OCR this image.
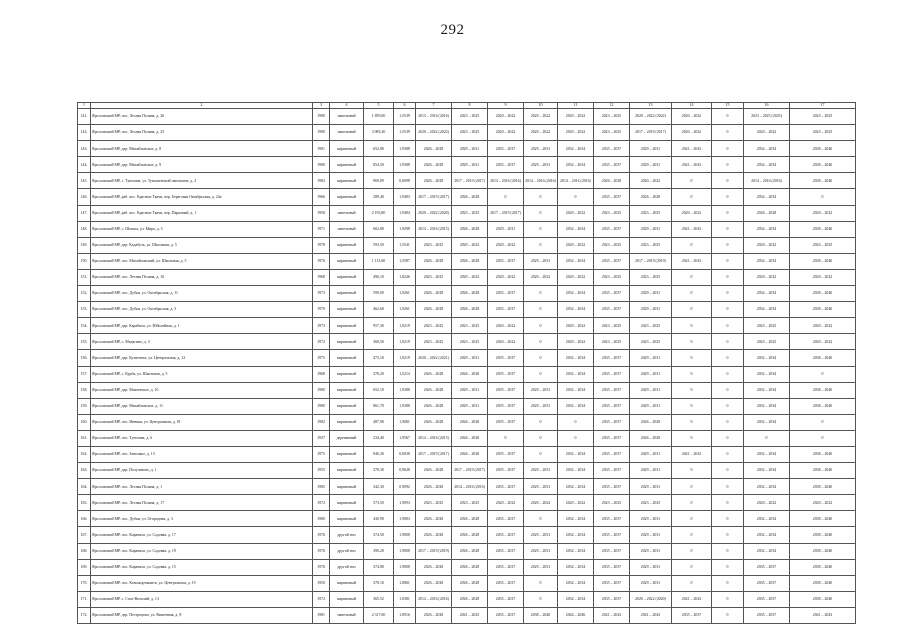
292
1	2	3	4	5	6	7	8	9	10	11	12	13	14	15	16	17
141.	Ярославский МР, пос. Лесная Поляна, д. 26	1980	панельный	1 859,00	1,5539	2013 – 2016 (2016)	2023 – 2025	2020 – 2022	2020 – 2022	2020 – 2022	2023 – 2025	2020 – 2022 (2022)	2020 – 2022	0	2023 – 2025 (2025)	2023 – 2025
142.	Ярославский МР, пос. Лесная Поляна, д. 25	1980	панельный	3 083,30	1,5539	2020 – 2022 (2022)	2023 – 2025	2020 – 2022	2020 – 2022	2020 – 2022	2023 – 2025	2017 – 2019 (2017)	2020 – 2022	0	2020 – 2022	2023 – 2025
143.	Ярославский МР, дер. Михайловское, д. 8	1981	кирпичный	652,80	1,9388	2026 – 2028	2029 – 2031	2035 – 2037	2029 – 2031	2032 – 2034	2035 – 2037	2029 – 2031	2041 – 2043	0	2032 – 2034	2038 – 2040
144.	Ярославский МР, дер. Михайловское, д. 9	1980	кирпичный	854,50	1,9388	2026 – 2028	2029 – 2031	2035 – 2037	2029 – 2031	2032 – 2034	2035 – 2037	2029 – 2031	2041 – 2043	0	2032 – 2034	2038 – 2040
145.	Ярославский МР, с. Туношна, ул. Туношенский пансионат, д. 2	1982	кирпичный	969,89	0,6098	2026 – 2028	2017 – 2019 (2017)	2014 – 2016 (2016)	2014 – 2016 (2016)	2014 – 2016 (2016)	2026 – 2028	2020 – 2022	0	0	2014 – 2016 (2016)	2038 – 2040
146.	Ярославский МР, раб. пос. Красные Ткачи, пер. Береговая Октябрьская, д. 24а	1966	кирпичный	289,40	1,9483	2017 – 2019 (2017)	2026 – 2028	0	0	0	2035 – 2037	2026 – 2028	0	0	2032 – 2034	0
147.	Ярославский МР, раб. пос. Красные Ткачи, пер. Парковый, д. 1	1958	панельный	2 193,80	1,9484	2020 – 2022 (2020)	2023 – 2025	2017 – 2019 (2017)	0	2020 – 2022	2023 – 2025	2023 – 2025	2020 – 2022	0	2026 – 2028	2020 – 2022
148.	Ярославский МР, с. Шопша, ул. Мира, д. 3	1971	панельный	602,80	1,9298	2014 – 2016 (2015)	2026 – 2028	2029 – 2031	0	2032 – 2034	2035 – 2037	2029 – 2031	2041 – 2043	0	2032 – 2034	2038 – 2040
149.	Ярославский МР, дер. Кадабуль, ул. Школьная, д. 5	1978	кирпичный	593,50	1,5541	2023 – 2025	2020 – 2022	2020 – 2022	0	2020 – 2022	2023 – 2025	2023 – 2025	0	0	2020 – 2022	2023 – 2025
150.	Ярославский МР, пос. Михайловский, ул. Школьная, д. 5	1976	кирпичный	1 113,60	1,5587	2026 – 2028	2026 – 2028	2035 – 2037	2029 – 2031	2032 – 2034	2035 – 2037	2017 – 2019 (2019)	2041 – 2043	0	2032 – 2034	2038 – 2040
151.	Ярославский МР, пос. Лесная Поляна, д. 16	1968	кирпичный	496,10	1,8246	2023 – 2025	2020 – 2022	2020 – 2022	2020 – 2022	2020 – 2022	2023 – 2025	2023 – 2025	0	0	2020 – 2022	2020 – 2022
152.	Ярославский МР, пос. Дубки, ул. Октябрьская, д. 11	1973	кирпичный	599,00	1,9261	2026 – 2028	2026 – 2028	2035 – 2037	0	2032 – 2034	2035 – 2037	2029 – 2031	0	0	2032 – 2034	2038 – 2040
153.	Ярославский МР, пос. Дубки, ул. Октябрьская, д. 3	1970	кирпичный	462,60	1,9261	2026 – 2028	2026 – 2028	2035 – 2037	0	2032 – 2034	2035 – 2037	2029 – 2031	0	0	2032 – 2034	2038 – 2040
154.	Ярославский МР, дер. Карабиха, ул. Юбилейная, д. 1	1973	кирпичный	957,30	1,9219	2023 – 2025	2023 – 2025	2020 – 2022	0	2020 – 2022	2023 – 2025	2023 – 2025	0	0	2023 – 2025	2020 – 2022
155.	Ярославский МР, с. Медягино, д. 3	1972	кирпичный	360,50	1,9219	2023 – 2025	2023 – 2025	2020 – 2022	0	2020 – 2022	2023 – 2025	2023 – 2025	0	0	2023 – 2025	2020 – 2022
156.	Ярославский МР, дер. Кузнечиха, ул. Центральная, д. 12	1975	кирпичный	473,10	1,9219	2020 – 2022 (2021)	2029 – 2031	2035 – 2037	0	2032 – 2034	2035 – 2037	2029 – 2031	0	0	2032 – 2034	2038 – 2040
157.	Ярославский МР, с. Курба, ул. Школьная, д. 5	1968	кирпичный	378,20	1,5214	2026 – 2028	2026 – 2028	2035 – 2037	0	2032 – 2034	2035 – 2037	2029 – 2031	0	0	2032 – 2034	0
158.	Ярославский МР, дер. Мокеевское, д. 10	1980	кирпичный	652,10	1,9388	2026 – 2028	2029 – 2031	2035 – 2037	2029 – 2031	2032 – 2034	2035 – 2037	2029 – 2031	0	0	2032 – 2034	2038 – 2040
159.	Ярославский МР, дер. Михайловское, д. 11	1980	кирпичный	861,70	1,9388	2026 – 2028	2029 – 2031	2035 – 2037	2029 – 2031	2032 – 2034	2035 – 2037	2029 – 2031	0	0	2032 – 2034	2038 – 2040
160.	Ярославский МР, пос. Ивняки, ул. Центральная, д. 81	1982	кирпичный	487,90	1,9081	2026 – 2028	2026 – 2028	2035 – 2037	0	0	2035 – 2037	2026 – 2028	0	0	2032 – 2034	0
161.	Ярославский МР, пос. Туношна, д. 6	1937	деревянный	234,40	1,9567	2014 – 2016 (2015)	2026 – 2028	0	0	0	2035 – 2037	2026 – 2028	0	0	0	0
162.	Ярославский МР, пос. Заволжье, д. 13	1975	кирпичный	846,30	0,6038	2017 – 2019 (2017)	2026 – 2028	2035 – 2037	0	2032 – 2034	2035 – 2037	2029 – 2031	2041 – 2043	0	2032 – 2034	2038 – 2040
163.	Ярославский МР, дер. Полузаново, д. 1	1955	кирпичный	378,30	0,9628	2026 – 2028	2017 – 2019 (2017)	2035 – 2037	2029 – 2031	2032 – 2034	2035 – 2037	2029 – 2031	0	0	2032 – 2034	2038 – 2040
164.	Ярославский МР, пос. Лесная Поляна, д. 1	1985	кирпичный	342,30	0,9092	2026 – 2028	2014 – 2016 (2016)	2035 – 2037	2029 – 2031	2032 – 2034	2035 – 2037	2029 – 2031	0	0	2032 – 2034	2038 – 2040
165.	Ярославский МР, пос. Лесная Поляна, д. 17	1972	кирпичный	573,50	1,9093	2023 – 2025	2023 – 2025	2020 – 2022	2020 – 2022	2020 – 2022	2023 – 2025	2023 – 2025	0	0	2020 – 2022	2020 – 2022
166.	Ярославский МР, пос. Дубки, ул. Огородная, д. 3	1980	кирпичный	430,90	1,9083	2026 – 2028	2026 – 2028	2035 – 2037	0	2032 – 2034	2035 – 2037	2029 – 2031	0	0	2032 – 2034	2038 – 2040
167.	Ярославский МР, пос. Карачиха, ул. Садовая, д. 17	1976	другой тип	374,50	1,9008	2026 – 2028	2026 – 2028	2035 – 2037	2029 – 2031	2032 – 2034	2035 – 2037	2029 – 2031	0	0	2032 – 2034	2038 – 2040
168.	Ярославский МР, пос. Карачиха, ул. Садовая, д. 19	1976	другой тип	390,20	1,9008	2017 – 2019 (2019)	2026 – 2028	2035 – 2037	2029 – 2031	2032 – 2034	2035 – 2037	2029 – 2031	0	0	2032 – 2034	2038 – 2040
169.	Ярославский МР, пос. Карачиха, ул. Садовая, д. 15	1976	другой тип	374,80	1,9008	2026 – 2028	2026 – 2028	2035 – 2037	2029 – 2031	2032 – 2034	2035 – 2037	2029 – 2031	0	0	2035 – 2037	2038 – 2040
170.	Ярославский МР, пос. Козьмодемьянск, ул. Центральная, д. 19	1950	кирпичный	378,10	1,8861	2026 – 2028	2026 – 2028	2035 – 2037	0	2032 – 2034	2035 – 2037	2029 – 2031	0	0	2035 – 2037	2038 – 2040
171.	Ярославский МР, с. Спас-Виталий, д. 13	1972	кирпичный	365,52	1,8381	2014 – 2016 (2016)	2026 – 2028	2035 – 2037	0	2032 – 2034	2035 – 2037	2020 – 2022 (2020)	2041 – 2043	0	2035 – 2037	2038 – 2040
172.	Ярославский МР, дер. Пестрецово, ул. Вишенная, д. 8	1981	панельный	2 317,60	1,8916	2026 – 2028	2041 – 2043	2035 – 2037	2038 – 2040	2044 – 2046	2041 – 2043	2041 – 2043	2035 – 2037	0	2035 – 2037	2041 – 2043
